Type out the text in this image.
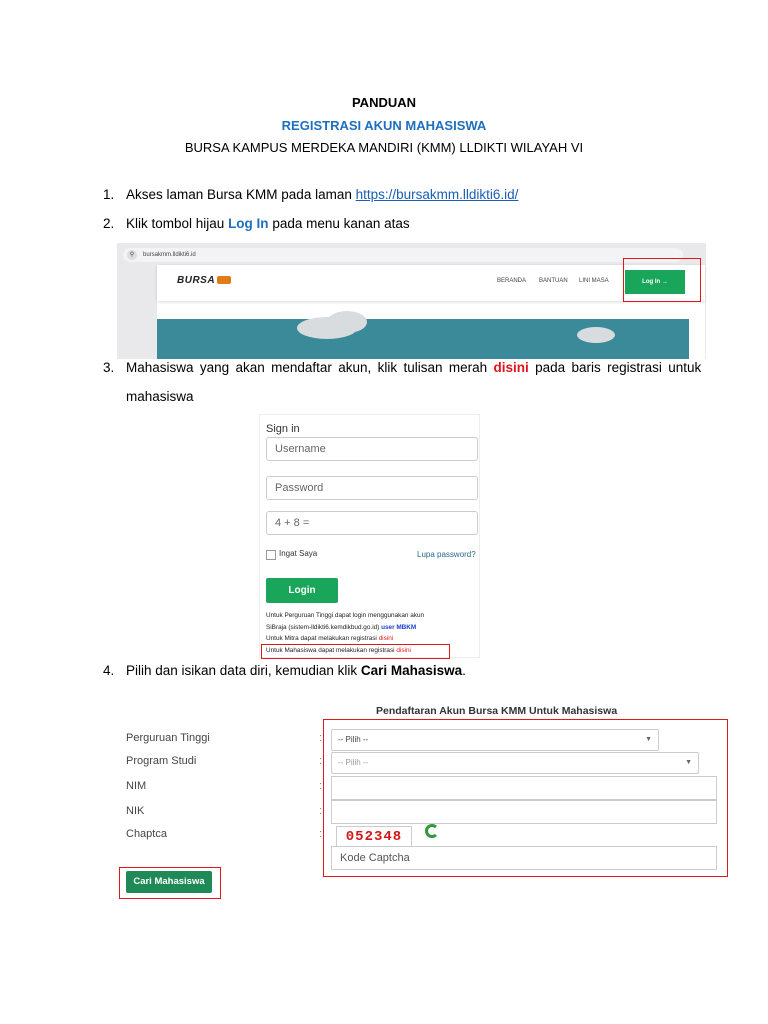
PANDUAN
REGISTRASI AKUN MAHASISWA
BURSA KAMPUS MERDEKA MANDIRI (KMM) LLDIKTI WILAYAH VI
1. Akses laman Bursa KMM pada laman https://bursakmm.lldikti6.id/
2. Klik tombol hijau Log In pada menu kanan atas
⚲	bursakmm.lldikti6.id
BURSA	BERANDA BANTUAN LINI MASA	Log In →
3. Mahasiswa yang akan mendaftar akun, klik tulisan merah disini pada baris registrasi untuk
mahasiswa
Sign in
Username
Password
4 + 8 =
Ingat Saya	Lupa password?
Login
Untuk Perguruan Tinggi dapat login menggunakan akun
SiBraja (sistem-lldikti6.kemdikbud.go.id) user MBKM
Untuk Mitra dapat melakukan registrasi disini
Untuk Mahasiswa dapat melakukan registrasi disini
4. Pilih dan isikan data diri, kemudian klik Cari Mahasiswa.
Pendaftaran Akun Bursa KMM Untuk Mahasiswa
Perguruan Tinggi	:	-- Pilih --	▼
Program Studi	:	-- Pilih --	▼
NIM	:
NIK	:
Chaptca	:	052348
Kode Captcha
Cari Mahasiswa
